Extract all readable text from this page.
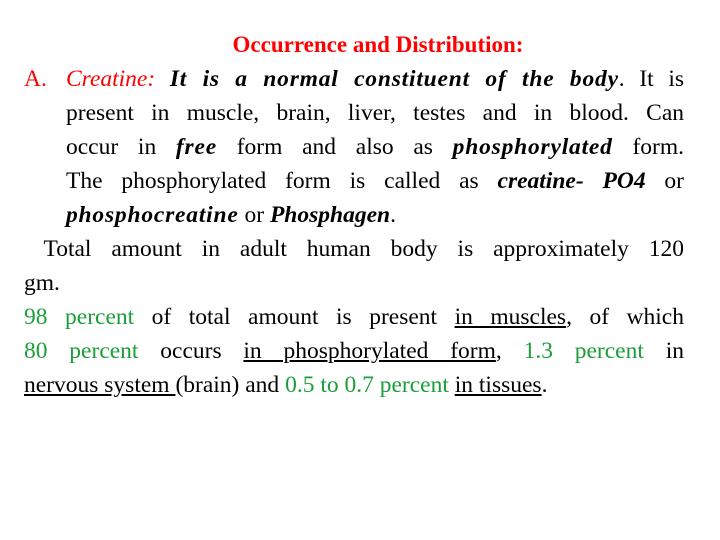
Occurrence and Distribution:
A. Creatine: It is a normal constituent of the body. It is
present in muscle, brain, liver, testes and in blood. Can
occur in free form and also as phosphorylated form.
The phosphorylated form is called as creatine- PO4 or
phosphocreatine or Phosphagen.
Total amount in adult human body is approximately 120
gm.
98 percent of total amount is present in muscles, of which
80 percent occurs in phosphorylated form, 1.3 percent in
nervous system (brain) and 0.5 to 0.7 percent in tissues.
